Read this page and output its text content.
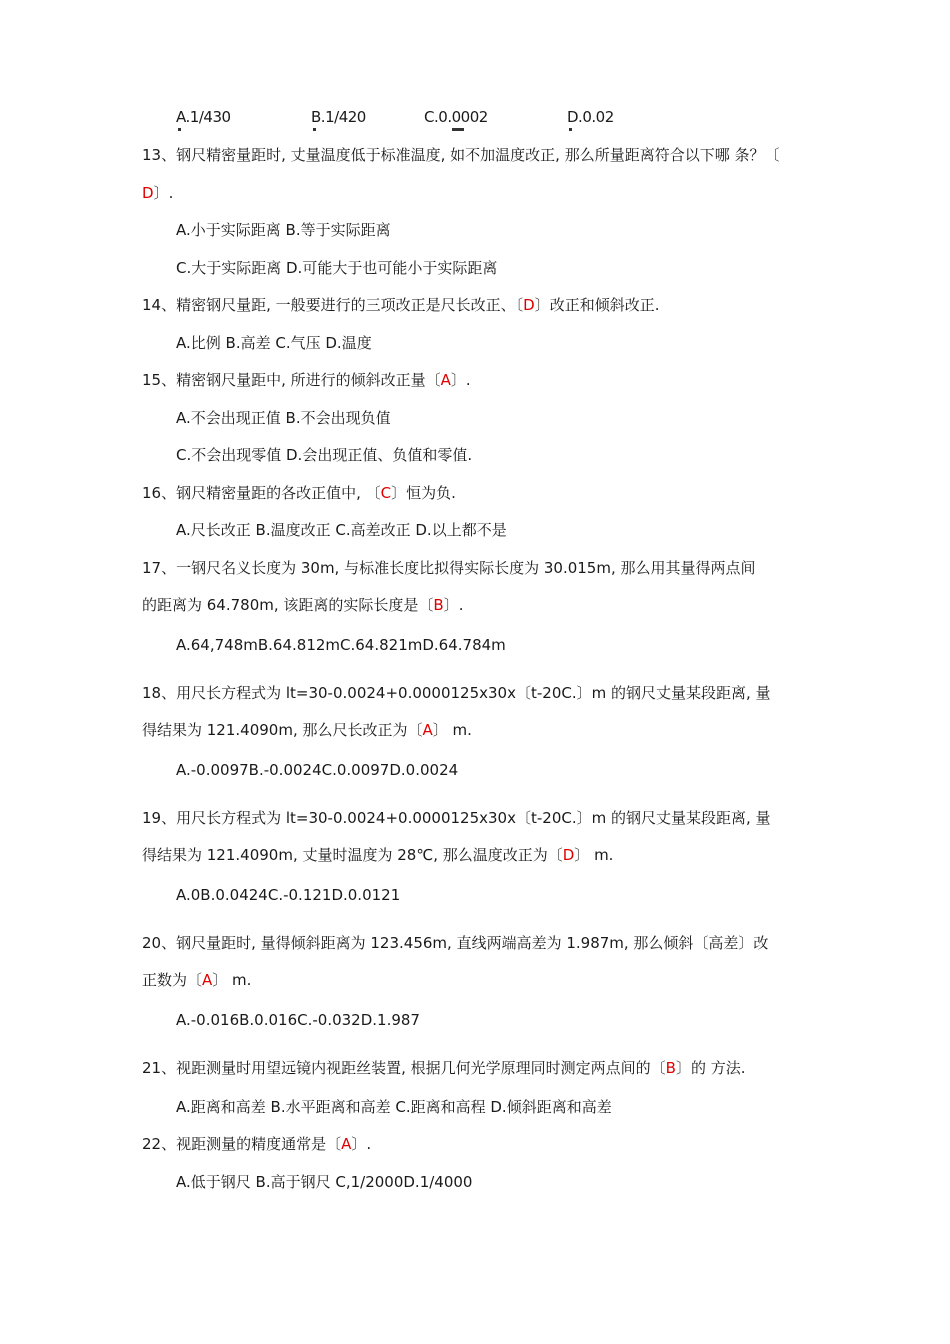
A.1/430	B.1/420	C.0.0002	D.0.02
13、钢尺精密量距时, 丈量温度低于标准温度, 如不加温度改正, 那么所量距离符合以下哪 条？〔
D〕.
A.小于实际距离 B.等于实际距离
C.大于实际距离 D.可能大于也可能小于实际距离
14、精密钢尺量距, 一般要进行的三项改正是尺长改正、〔D〕改正和倾斜改正.
A.比例 B.高差 C.气压 D.温度
15、精密钢尺量距中, 所进行的倾斜改正量〔A〕.
A.不会出现正值 B.不会出现负值
C.不会出现零值 D.会出现正值、负值和零值.
16、钢尺精密量距的各改正值中, 〔C〕恒为负.
A.尺长改正 B.温度改正 C.高差改正 D.以上都不是
17、一钢尺名义长度为 30m, 与标准长度比拟得实际长度为 30.015m, 那么用其量得两点间
的距离为 64.780m, 该距离的实际长度是〔B〕.
A.64,748mB.64.812mC.64.821mD.64.784m
18、用尺长方程式为 lt=30-0.0024+0.0000125x30x〔t-20C.〕m 的钢尺丈量某段距离, 量
得结果为 121.4090m, 那么尺长改正为〔A〕 m.
A.-0.0097B.-0.0024C.0.0097D.0.0024
19、用尺长方程式为 lt=30-0.0024+0.0000125x30x〔t-20C.〕m 的钢尺丈量某段距离, 量
得结果为 121.4090m, 丈量时温度为 28℃, 那么温度改正为〔D〕 m.
A.0B.0.0424C.-0.121D.0.0121
20、钢尺量距时, 量得倾斜距离为 123.456m, 直线两端高差为 1.987m, 那么倾斜〔高差〕改
正数为〔A〕 m.
A.-0.016B.0.016C.-0.032D.1.987
21、视距测量时用望远镜内视距丝装置, 根据几何光学原理同时测定两点间的〔B〕的 方法.
A.距离和高差 B.水平距离和高差 C.距离和高程 D.倾斜距离和高差
22、视距测量的精度通常是〔A〕.
A.低于钢尺 B.高于钢尺 C,1/2000D.1/4000
